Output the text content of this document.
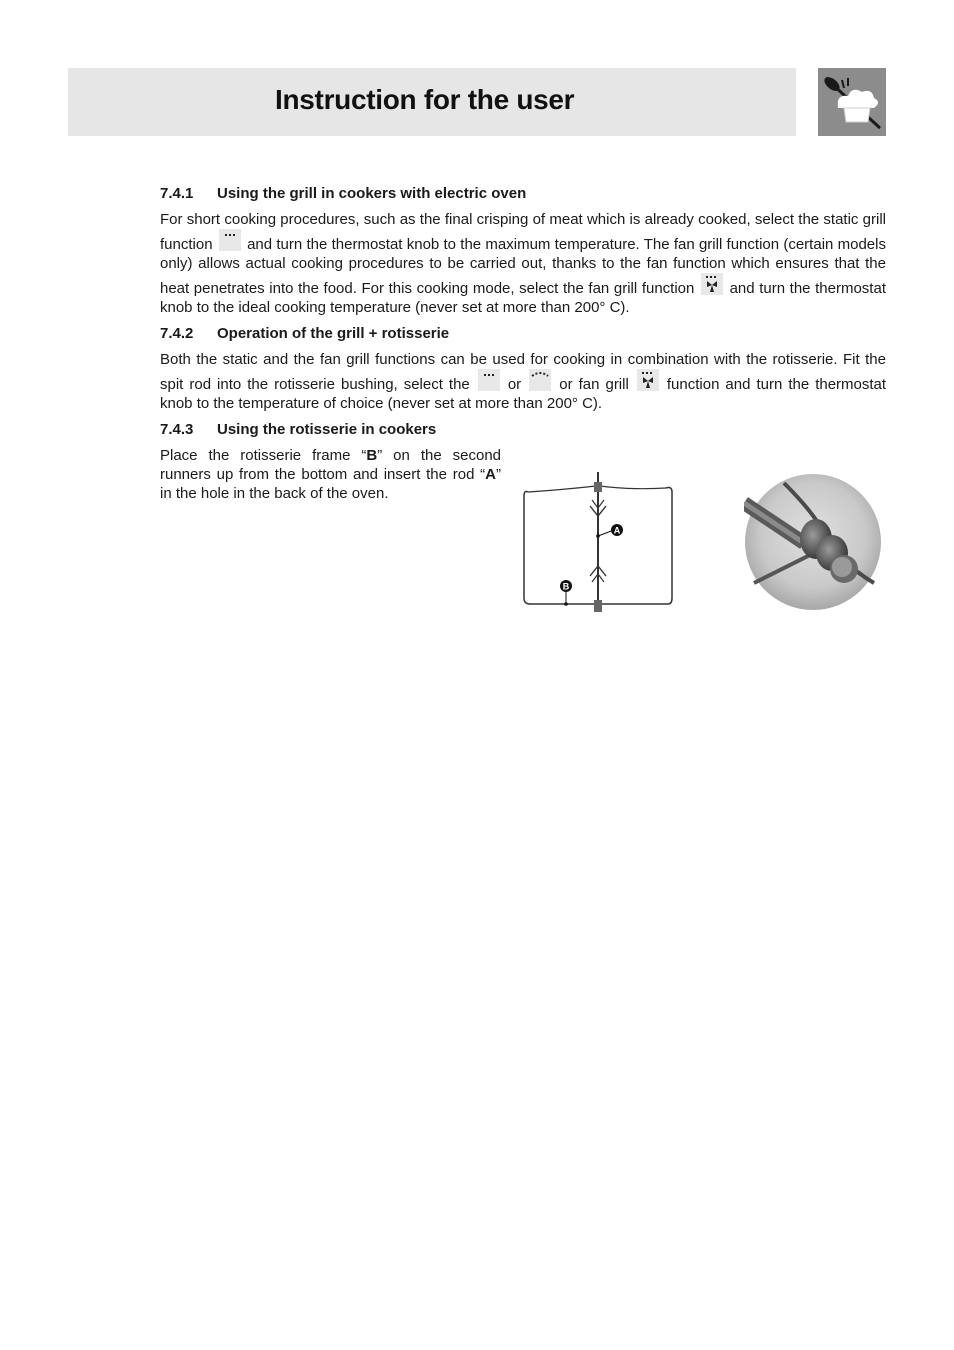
Instruction for the user
7.4.1 Using the grill in cookers with electric oven

For short cooking procedures, such as the final crisping of meat which is already cooked, select the static grill function and turn the thermostat knob to the maximum temperature. The fan grill function (certain models only) allows actual cooking procedures to be carried out, thanks to the fan function which ensures that the heat penetrates into the food. For this cooking mode, select the fan grill function and turn the thermostat knob to the ideal cooking temperature (never set at more than 200° C).

7.4.2 Operation of the grill + rotisserie

Both the static and the fan grill functions can be used for cooking in combination with the rotisserie. Fit the spit rod into the rotisserie bushing, select the	or	or fan grill	function and turn the thermostat knob to the temperature of choice (never set at more than 200° C).

7.4.3 Using the rotisserie in cookers

Place the rotisserie frame “B” on the second runners up from the bottom and insert the rod “A” in the hole in the back of the oven.

A
B
